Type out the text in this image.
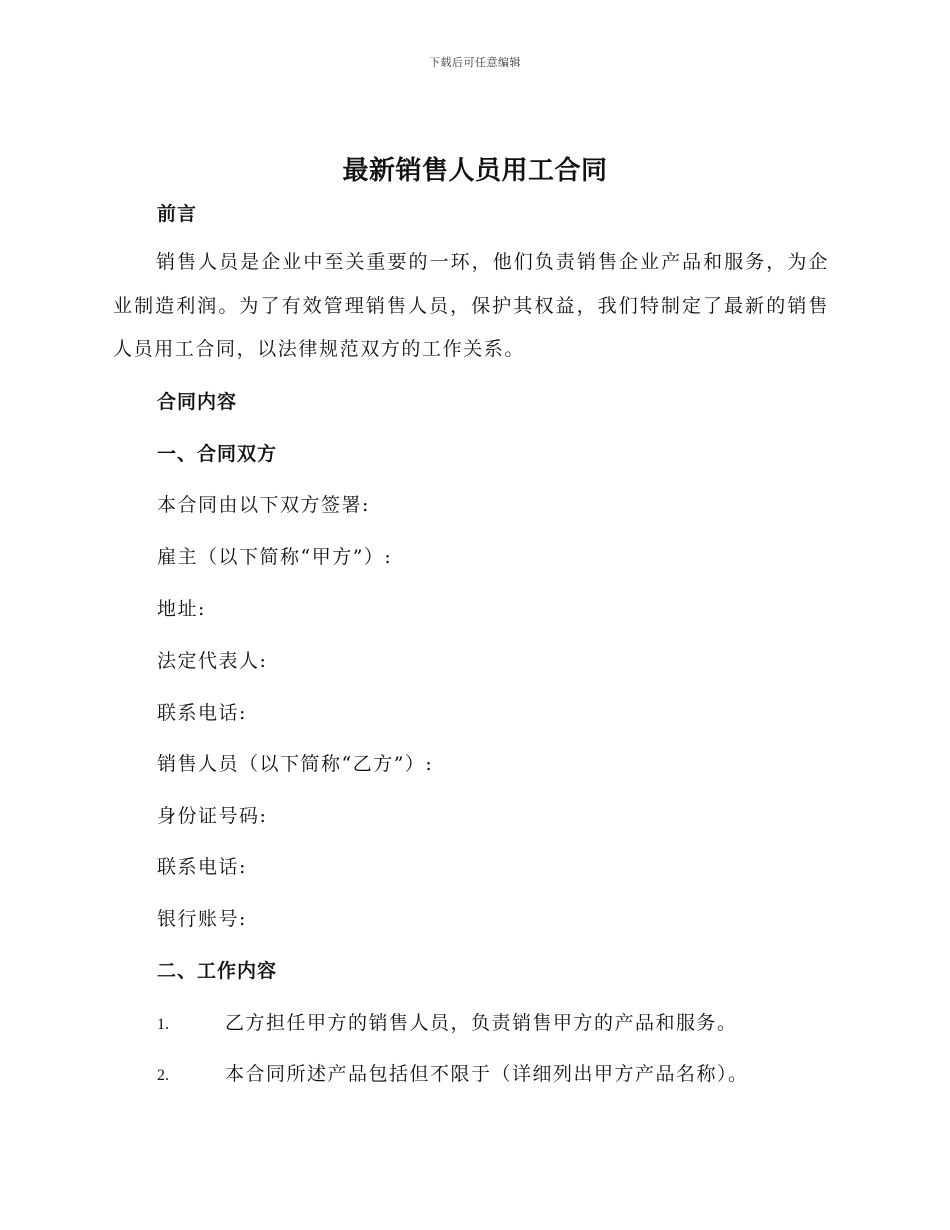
下载后可任意编辑
最新销售人员用工合同
前言

销售人员是企业中至关重要的一环，他们负责销售企业产品和服务，为企业制造利润。为了有效管理销售人员，保护其权益，我们特制定了最新的销售人员用工合同，以法律规范双方的工作关系。

合同内容
一、合同双方

本合同由以下双方签署:

雇主（以下简称“甲方”）:

地址:

法定代表人:

联系电话:

销售人员（以下简称“乙方”）:

身份证号码:

联系电话:

银行账号:

二、工作内容

1.	乙方担任甲方的销售人员，负责销售甲方的产品和服务。

2.	本合同所述产品包括但不限于（详细列出甲方产品名称）。
